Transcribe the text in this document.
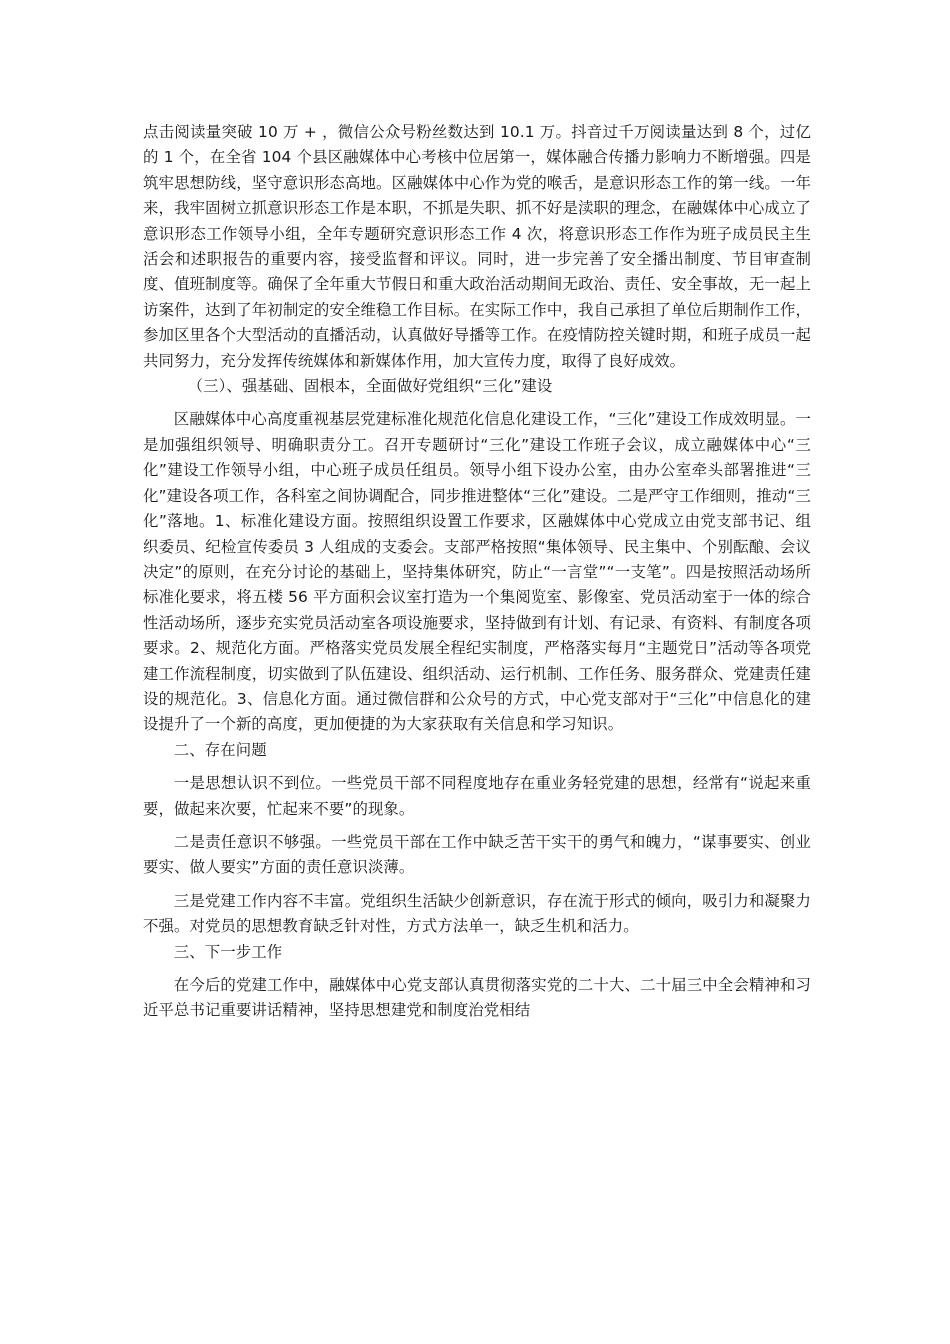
点击阅读量突破 10 万 + ，微信公众号粉丝数达到 10.1 万。抖音过千万阅读量达到 8 个，过亿的 1 个，在全省 104 个县区融媒体中心考核中位居第一，媒体融合传播力影响力不断增强。四是筑牢思想防线，坚守意识形态高地。区融媒体中心作为党的喉舌，是意识形态工作的第一线。一年来，我牢固树立抓意识形态工作是本职，不抓是失职、抓不好是渎职的理念，在融媒体中心成立了意识形态工作领导小组，全年专题研究意识形态工作 4 次，将意识形态工作作为班子成员民主生活会和述职报告的重要内容，接受监督和评议。同时，进一步完善了安全播出制度、节目审查制度、值班制度等。确保了全年重大节假日和重大政治活动期间无政治、责任、安全事故，无一起上访案件，达到了年初制定的安全维稳工作目标。在实际工作中，我自己承担了单位后期制作工作，参加区里各个大型活动的直播活动，认真做好导播等工作。在疫情防控关键时期，和班子成员一起共同努力，充分发挥传统媒体和新媒体作用，加大宣传力度，取得了良好成效。

（三）、强基础、固根本，全面做好党组织“三化”建设

区融媒体中心高度重视基层党建标准化规范化信息化建设工作，“三化”建设工作成效明显。一是加强组织领导、明确职责分工。召开专题研讨“三化”建设工作班子会议，成立融媒体中心“三化”建设工作领导小组，中心班子成员任组员。领导小组下设办公室，由办公室牵头部署推进“三化”建设各项工作，各科室之间协调配合，同步推进整体“三化”建设。二是严守工作细则，推动“三化”落地。1、标准化建设方面。按照组织设置工作要求，区融媒体中心党成立由党支部书记、组织委员、纪检宣传委员 3 人组成的支委会。支部严格按照“集体领导、民主集中、个别酝酿、会议决定”的原则，在充分讨论的基础上，坚持集体研究，防止“一言堂”“一支笔”。四是按照活动场所标准化要求，将五楼 56 平方面积会议室打造为一个集阅览室、影像室、党员活动室于一体的综合性活动场所，逐步充实党员活动室各项设施要求，坚持做到有计划、有记录、有资料、有制度各项要求。2、规范化方面。严格落实党员发展全程纪实制度，严格落实每月“主题党日”活动等各项党建工作流程制度，切实做到了队伍建设、组织活动、运行机制、工作任务、服务群众、党建责任建设的规范化。3、信息化方面。通过微信群和公众号的方式，中心党支部对于“三化”中信息化的建设提升了一个新的高度，更加便捷的为大家获取有关信息和学习知识。

二、存在问题

一是思想认识不到位。一些党员干部不同程度地存在重业务轻党建的思想，经常有“说起来重要，做起来次要，忙起来不要”的现象。

二是责任意识不够强。一些党员干部在工作中缺乏苦干实干的勇气和魄力，“谋事要实、创业要实、做人要实”方面的责任意识淡薄。

三是党建工作内容不丰富。党组织生活缺少创新意识，存在流于形式的倾向，吸引力和凝聚力不强。对党员的思想教育缺乏针对性，方式方法单一，缺乏生机和活力。

三、下一步工作

在今后的党建工作中，融媒体中心党支部认真贯彻落实党的二十大、二十届三中全会精神和习近平总书记重要讲话精神，坚持思想建党和制度治党相结
